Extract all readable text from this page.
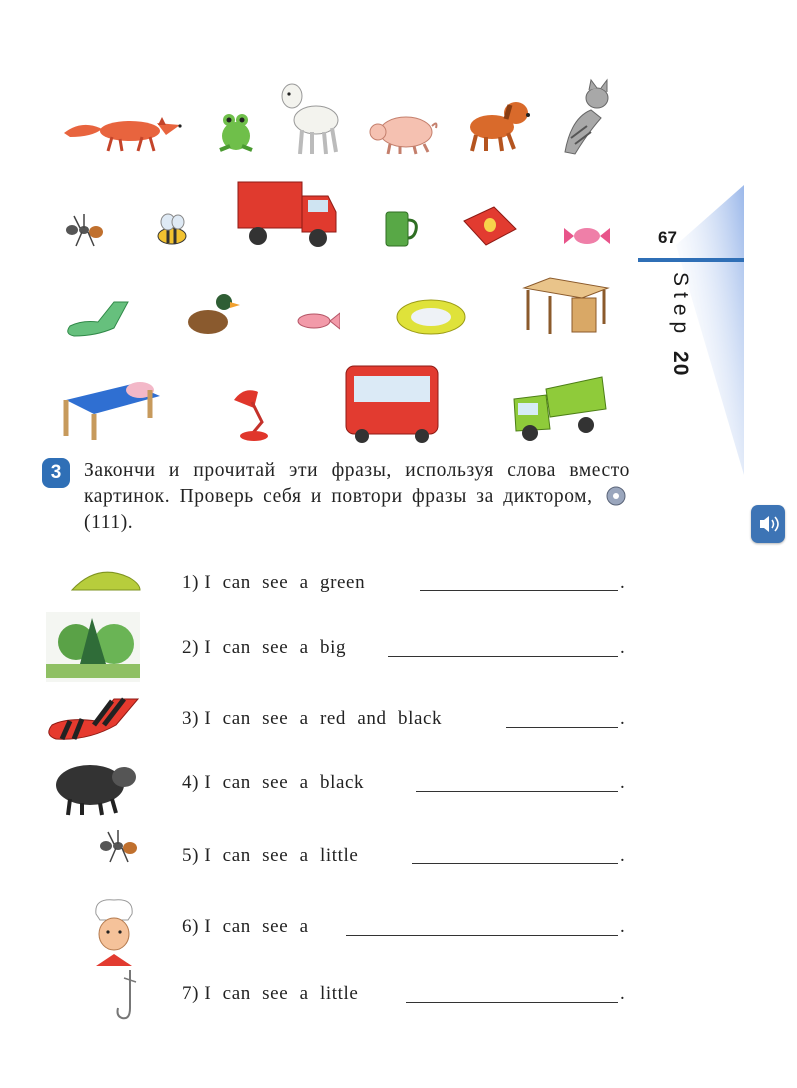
67
Step 20
3	Закончи и прочитай эти фразы, используя слова вместо картинок. Проверь себя и повтори фразы за диктором,  (111).
1) I can see a green	.
2) I can see a big	.
3) I can see a red and black	.
4) I can see a black	.
5) I can see a little	.
6) I can see a	.
7) I can see a little	.
